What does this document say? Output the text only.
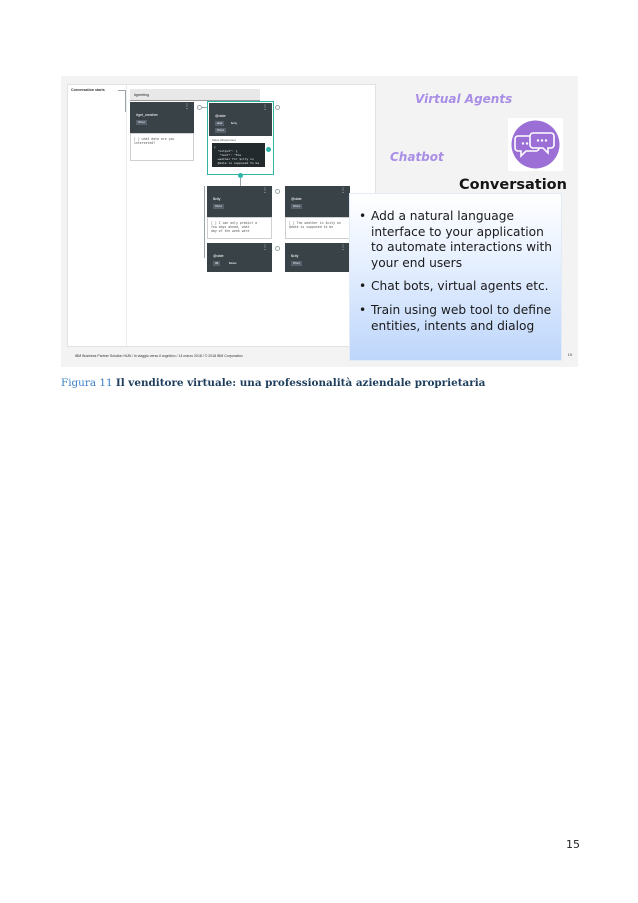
Conversation starts
#greeting
⋮
#get_weather
If bot
[ ] what data are you interested?
⋮
@date
and	$city
If bot
Value (Response)
{
"output": {
"text": "The
weather for $city on
@date is supposed to be
⋮
$city
If bot
[ ] I can only predict a
few days ahead, what
day of the week were
⋮
@date
If bot
[ ] The weather in $city on
@date is supposed to be
⋮
@date
36	$date
⋮
$city
If bot
Virtual Agents
Chatbot
Conversation
• Add a natural language interface to your application to automate interactions with your end users
• Chat bots, virtual agents etc.
• Train using web tool to define entities, intents and dialog
IBM Business Partner Solution HUB / In viaggio verso il cognitivo / 14 marzo 2018 / © 2018 IBM Corporation	19
Figura 11 Il venditore virtuale: una professionalità aziendale proprietaria
15
